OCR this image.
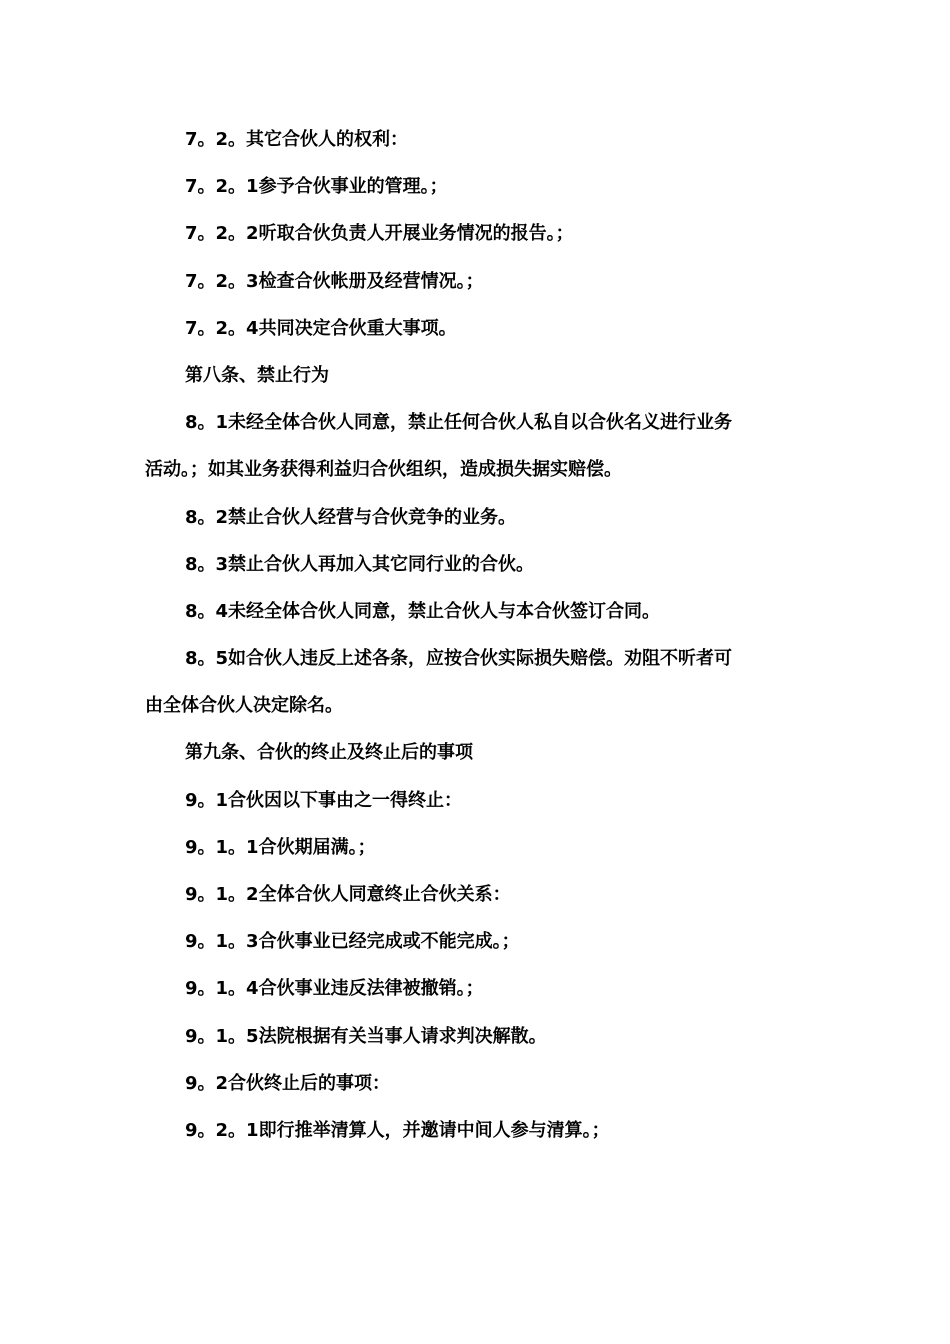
7。2。其它合伙人的权利：
7。2。1参予合伙事业的管理。；
7。2。2听取合伙负责人开展业务情况的报告。；
7。2。3检查合伙帐册及经营情况。；
7。2。4共同决定合伙重大事项。
第八条、禁止行为
8。1未经全体合伙人同意，禁止任何合伙人私自以合伙名义进行业务
活动。；如其业务获得利益归合伙组织，造成损失据实赔偿。
8。2禁止合伙人经营与合伙竞争的业务。
8。3禁止合伙人再加入其它同行业的合伙。
8。4未经全体合伙人同意，禁止合伙人与本合伙签订合同。
8。5如合伙人违反上述各条，应按合伙实际损失赔偿。劝阻不听者可
由全体合伙人决定除名。
第九条、合伙的终止及终止后的事项
9。1合伙因以下事由之一得终止：
9。1。1合伙期届满。；
9。1。2全体合伙人同意终止合伙关系：
9。1。3合伙事业已经完成或不能完成。；
9。1。4合伙事业违反法律被撤销。；
9。1。5法院根据有关当事人请求判决解散。
9。2合伙终止后的事项：
9。2。1即行推举清算人，并邀请中间人参与清算。；
